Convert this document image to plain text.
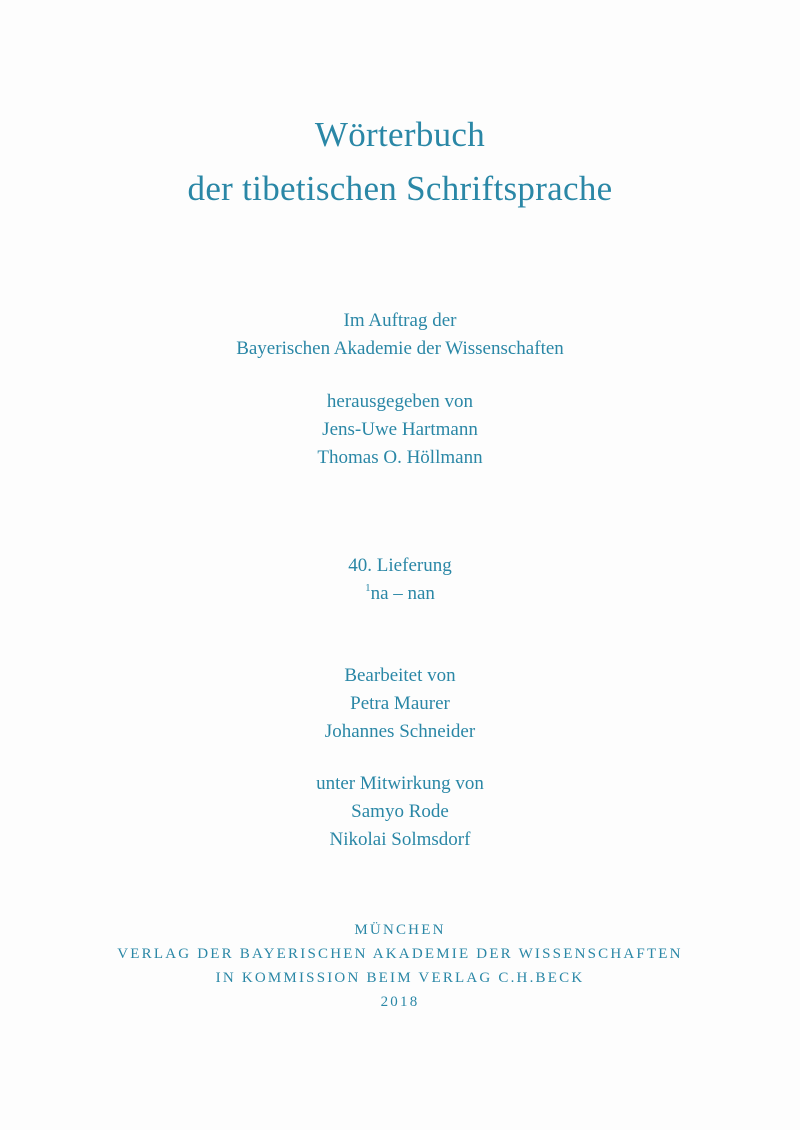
Wörterbuch
der tibetischen Schriftsprache
Im Auftrag der
Bayerischen Akademie der Wissenschaften
herausgegeben von
Jens-Uwe Hartmann
Thomas O. Höllmann
40. Lieferung
$^1$na – nan
Bearbeitet von
Petra Maurer
Johannes Schneider
unter Mitwirkung von
Samyo Rode
Nikolai Solmsdorf
MÜNCHEN
VERLAG DER BAYERISCHEN AKADEMIE DER WISSENSCHAFTEN
IN KOMMISSION BEIM VERLAG C.H.BECK
2018
